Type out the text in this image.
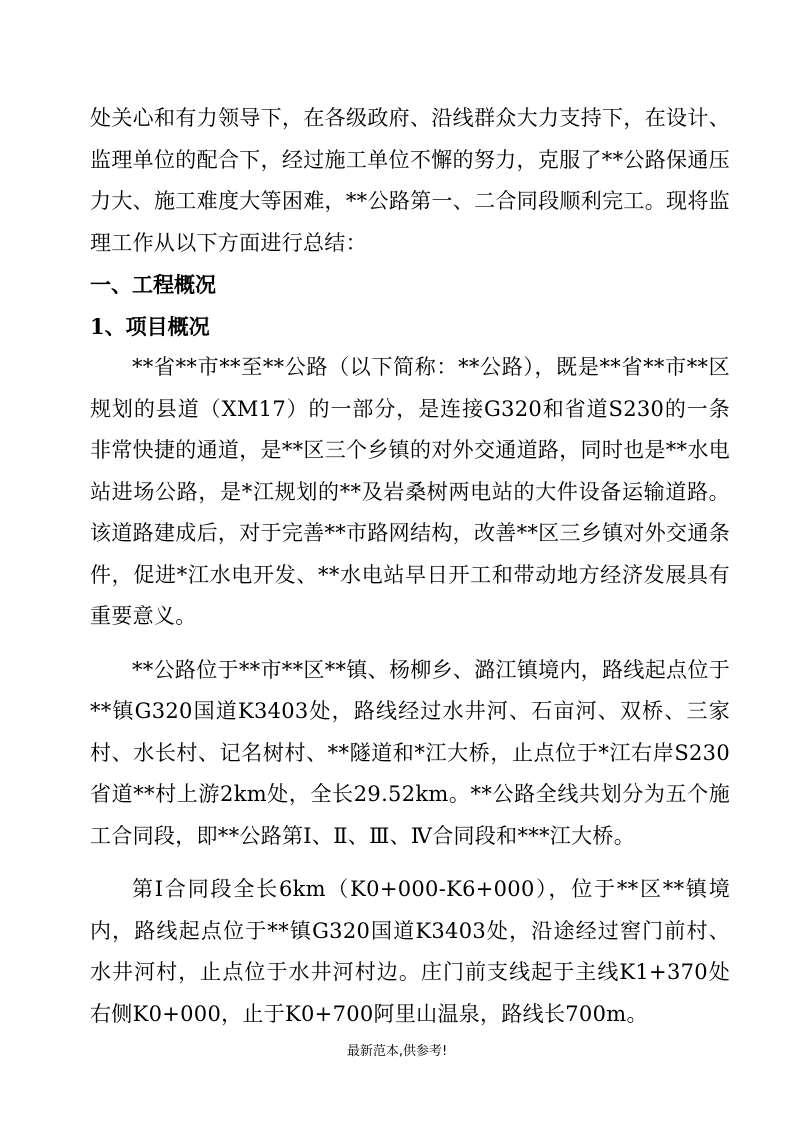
处关心和有力领导下，在各级政府、沿线群众大力支持下，在设计、监理单位的配合下，经过施工单位不懈的努力，克服了**公路保通压力大、施工难度大等困难，**公路第一、二合同段顺利完工。现将监理工作从以下方面进行总结：

一、工程概况
1、项目概况

**省**市**至**公路（以下简称：**公路），既是**省**市**区规划的县道（XM17）的一部分，是连接G320和省道S230的一条非常快捷的通道，是**区三个乡镇的对外交通道路，同时也是**水电站进场公路，是*江规划的**及岩桑树两电站的大件设备运输道路。该道路建成后，对于完善**市路网结构，改善**区三乡镇对外交通条件，促进*江水电开发、**水电站早日开工和带动地方经济发展具有重要意义。

**公路位于**市**区**镇、杨柳乡、潞江镇境内，路线起点位于**镇G320国道K3403处，路线经过水井河、石亩河、双桥、三家村、水长村、记名树村、**隧道和*江大桥，止点位于*江右岸S230省道**村上游2km处，全长29.52km。**公路全线共划分为五个施工合同段，即**公路第Ⅰ、Ⅱ、Ⅲ、Ⅳ合同段和***江大桥。

第Ⅰ合同段全长6km（K0+000-K6+000），位于**区**镇境内，路线起点位于**镇G320国道K3403处，沿途经过窖门前村、水井河村，止点位于水井河村边。庄门前支线起于主线K1+370处右侧K0+000，止于K0+700阿里山温泉，路线长700m。

最新范本,供参考!
